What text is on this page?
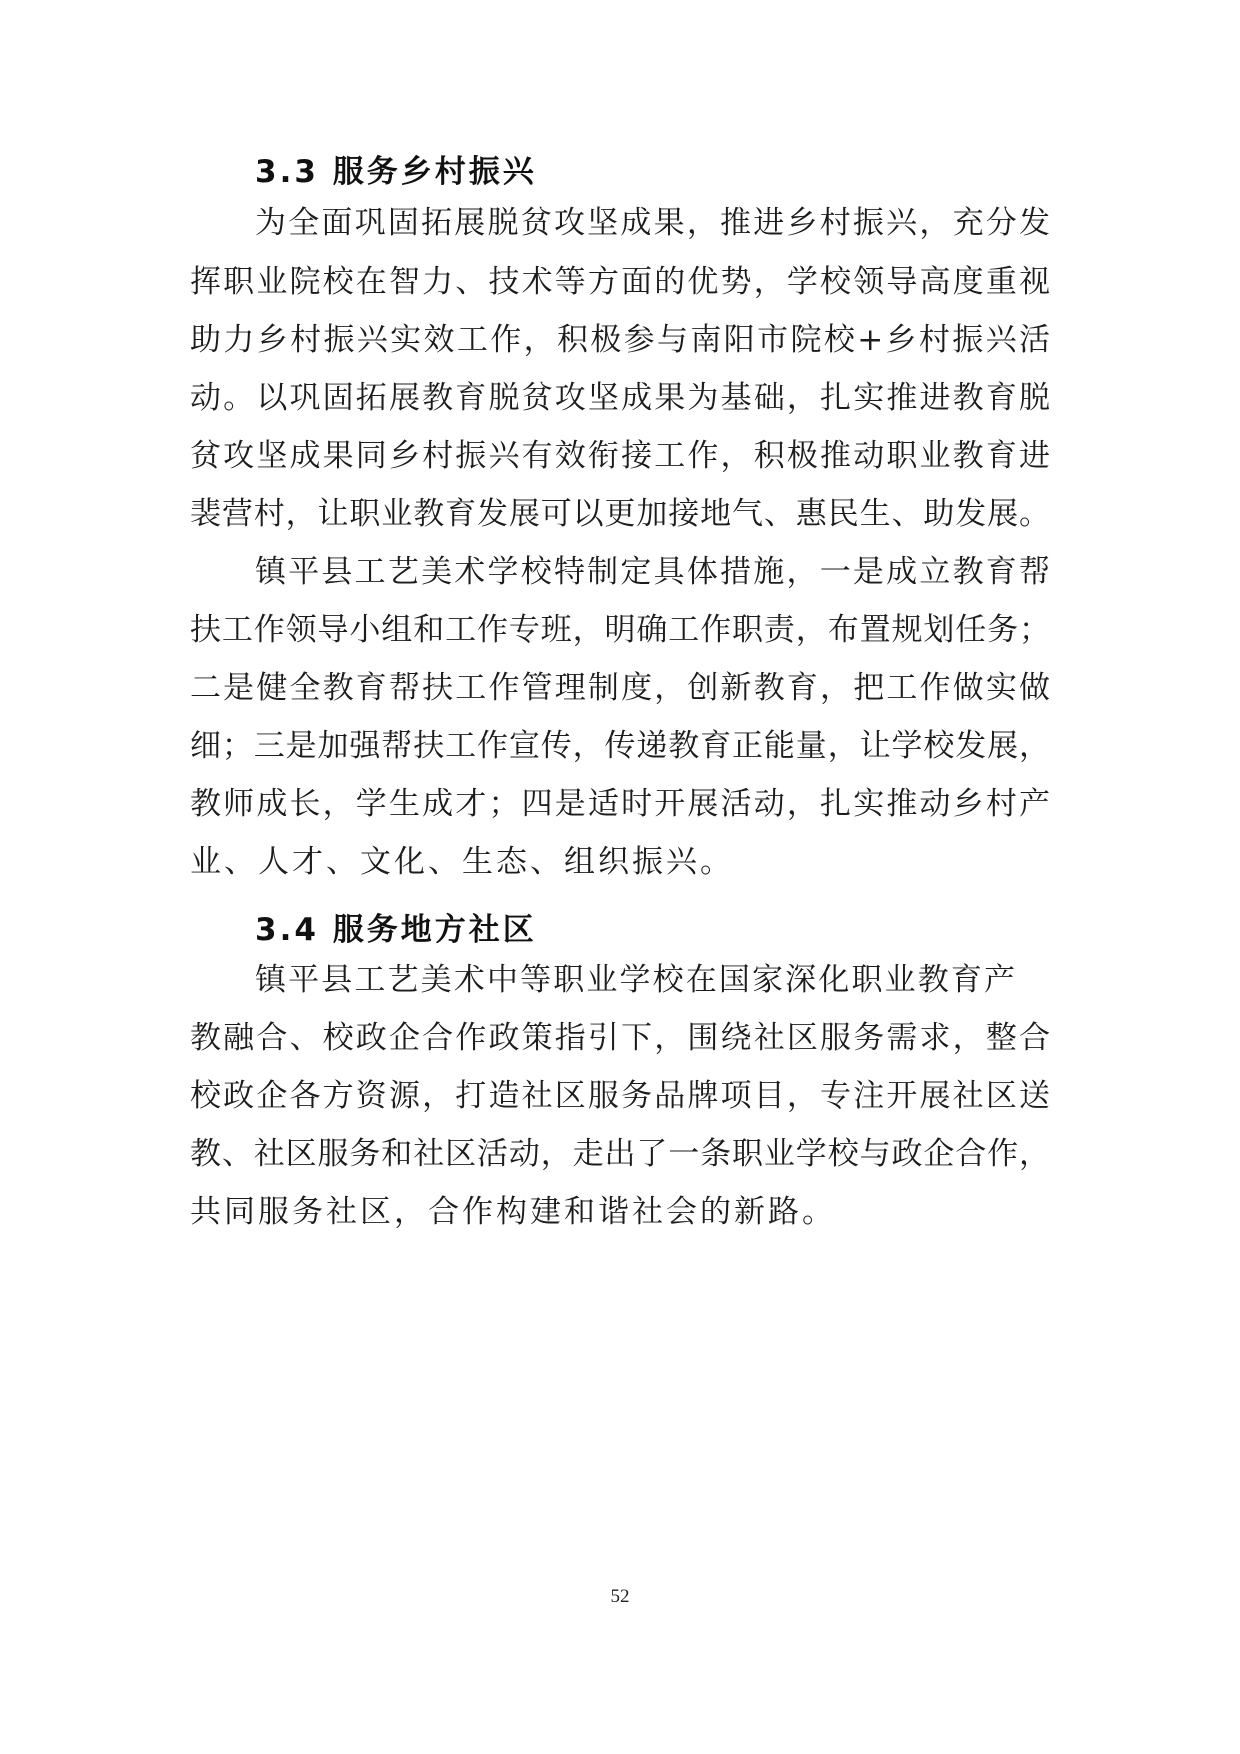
3.3 服务乡村振兴
为全面巩固拓展脱贫攻坚成果，推进乡村振兴，充分发
挥职业院校在智力、技术等方面的优势，学校领导高度重视
助力乡村振兴实效工作，积极参与南阳市院校+乡村振兴活
动。以巩固拓展教育脱贫攻坚成果为基础，扎实推进教育脱
贫攻坚成果同乡村振兴有效衔接工作，积极推动职业教育进
裴营村，让职业教育发展可以更加接地气、惠民生、助发展。
镇平县工艺美术学校特制定具体措施，一是成立教育帮
扶工作领导小组和工作专班，明确工作职责，布置规划任务；
二是健全教育帮扶工作管理制度，创新教育，把工作做实做
细；三是加强帮扶工作宣传，传递教育正能量，让学校发展，
教师成长，学生成才；四是适时开展活动，扎实推动乡村产
业、人才、文化、生态、组织振兴。
3.4 服务地方社区
镇平县工艺美术中等职业学校在国家深化职业教育产
教融合、校政企合作政策指引下，围绕社区服务需求，整合
校政企各方资源，打造社区服务品牌项目，专注开展社区送
教、社区服务和社区活动，走出了一条职业学校与政企合作，
共同服务社区，合作构建和谐社会的新路。
52
